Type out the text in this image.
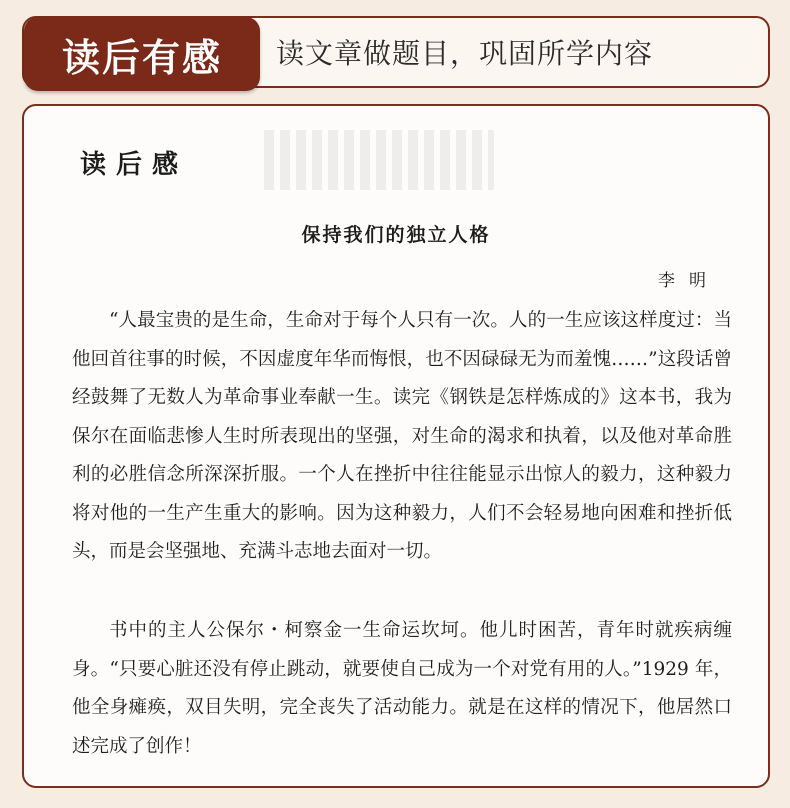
读后有感	读文章做题目，巩固所学内容
读后感
保持我们的独立人格
李明

“人最宝贵的是生命，生命对于每个人只有一次。人的一生应该这样度过：当他回首往事的时候，不因虚度年华而悔恨，也不因碌碌无为而羞愧……”这段话曾经鼓舞了无数人为革命事业奉献一生。读完《钢铁是怎样炼成的》这本书，我为保尔在面临悲惨人生时所表现出的坚强，对生命的渴求和执着，以及他对革命胜利的必胜信念所深深折服。一个人在挫折中往往能显示出惊人的毅力，这种毅力将对他的一生产生重大的影响。因为这种毅力，人们不会轻易地向困难和挫折低头，而是会坚强地、充满斗志地去面对一切。

书中的主人公保尔・柯察金一生命运坎坷。他儿时困苦，青年时就疾病缠身。“只要心脏还没有停止跳动，就要使自己成为一个对党有用的人。”1929 年，他全身瘫痪，双目失明，完全丧失了活动能力。就是在这样的情况下，他居然口述完成了创作！
